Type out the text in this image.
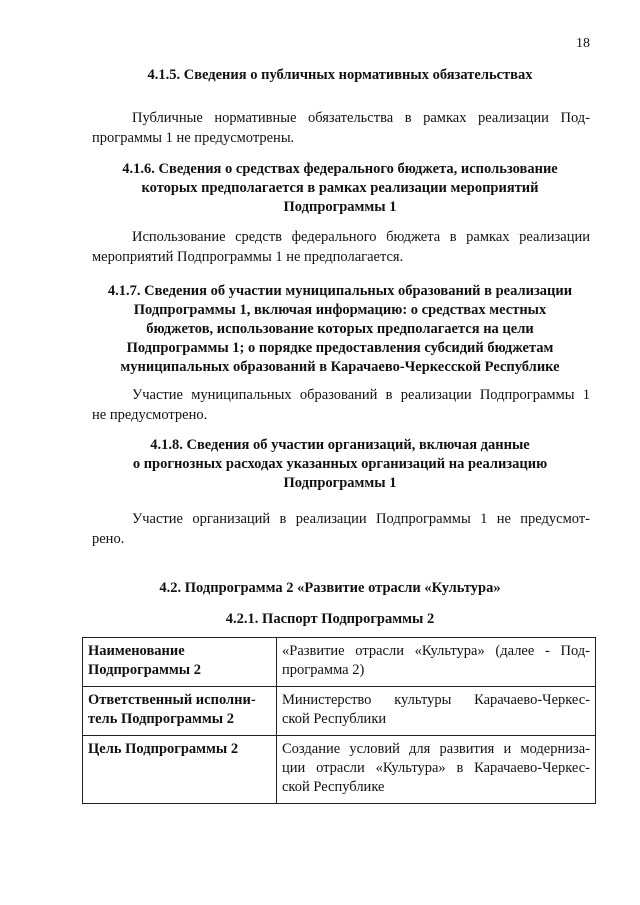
18
4.1.5. Сведения о публичных нормативных обязательствах
Публичные нормативные обязательства в рамках реализации Под-
программы 1 не предусмотрены.
4.1.6. Сведения о средствах федерального бюджета, использование
которых предполагается в рамках реализации мероприятий
Подпрограммы 1
Использование средств федерального бюджета в рамках реализации
мероприятий Подпрограммы 1 не предполагается.
4.1.7. Сведения об участии муниципальных образований в реализации
Подпрограммы 1, включая информацию: о средствах местных
бюджетов, использование которых предполагается на цели
Подпрограммы 1; о порядке предоставления субсидий бюджетам
муниципальных образований в Карачаево-Черкесской Республике
Участие муниципальных образований в реализации Подпрограммы 1
не предусмотрено.
4.1.8. Сведения об участии организаций, включая данные
о прогнозных расходах указанных организаций на реализацию
Подпрограммы 1
Участие организаций в реализации Подпрограммы 1 не предусмот-
рено.
4.2. Подпрограмма 2 «Развитие отрасли «Культура»
4.2.1. Паспорт Подпрограммы 2
Наименование
Подпрограммы 2	«Развитие отрасли «Культура» (далее - Под-
программа 2)

Ответственный исполни-
тель Подпрограммы 2	Министерство культуры Карачаево-Черкес-
ской Республики

Цель Подпрограммы 2	Создание условий для развития и модерниза-
ции отрасли «Культура» в Карачаево-Черкес-
ской Республике
